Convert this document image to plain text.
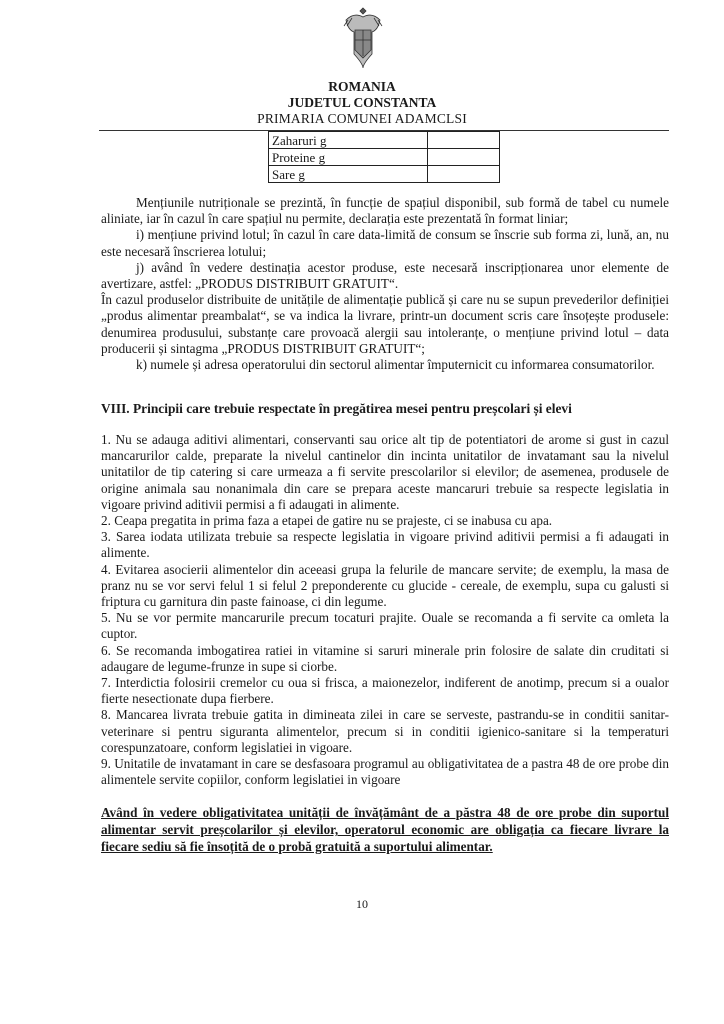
ROMANIA
JUDETUL CONSTANTA
PRIMARIA COMUNEI ADAMCLSI
Zaharuri g	
Proteine g	
Sare g	

Mențiunile nutriționale se prezintă, în funcție de spațiul disponibil, sub formă de tabel cu numele aliniate, iar în cazul în care spațiul nu permite, declarația este prezentată în format liniar;

i) mențiune privind lotul; în cazul în care data-limită de consum se înscrie sub forma zi, lună, an, nu este necesară înscrierea lotului;

j) având în vedere destinația acestor produse, este necesară inscripționarea unor elemente de avertizare, astfel: „PRODUS DISTRIBUIT GRATUIT“.

În cazul produselor distribuite de unitățile de alimentație publică și care nu se supun prevederilor definiției „produs alimentar preambalat“, se va indica la livrare, printr-un document scris care însoțește produsele: denumirea produsului, substanțe care provoacă alergii sau intoleranțe, o mențiune privind lotul – data producerii și sintagma „PRODUS DISTRIBUIT GRATUIT“;

k) numele și adresa operatorului din sectorul alimentar împuternicit cu informarea consumatorilor.

VIII. Principii care trebuie respectate în pregătirea mesei pentru preșcolari și elevi

1. Nu se adauga aditivi alimentari, conservanti sau orice alt tip de potentiatori de arome si gust in cazul mancarurilor calde, preparate la nivelul cantinelor din incinta unitatilor de invatamant sau la nivelul unitatilor de tip catering si care urmeaza a fi servite prescolarilor si elevilor; de asemenea, produsele de origine animala sau nonanimala din care se prepara aceste mancaruri trebuie sa respecte legislatia in vigoare privind aditivii permisi a fi adaugati in alimente.

2. Ceapa pregatita in prima faza a etapei de gatire nu se prajeste, ci se inabusa cu apa.

3. Sarea iodata utilizata trebuie sa respecte legislatia in vigoare privind aditivii permisi a fi adaugati in alimente.

4. Evitarea asocierii alimentelor din aceeasi grupa la felurile de mancare servite; de exemplu, la masa de pranz nu se vor servi felul 1 si felul 2 preponderente cu glucide - cereale, de exemplu, supa cu galusti si friptura cu garnitura din paste fainoase, ci din legume.

5. Nu se vor permite mancarurile precum tocaturi prajite. Ouale se recomanda a fi servite ca omleta la cuptor.

6. Se recomanda imbogatirea ratiei in vitamine si saruri minerale prin folosire de salate din cruditati si adaugare de legume-frunze in supe si ciorbe.

7. Interdictia folosirii cremelor cu oua si frisca, a maionezelor, indiferent de anotimp, precum si a oualor fierte nesectionate dupa fierbere.

8. Mancarea livrata trebuie gatita in dimineata zilei in care se serveste, pastrandu-se in conditii sanitar-veterinare si pentru siguranta alimentelor, precum si in conditii igienico-sanitare si la temperaturi corespunzatoare, conform legislatiei in vigoare.

9. Unitatile de invatamant in care se desfasoara programul au obligativitatea de a pastra 48 de ore probe din alimentele servite copiilor, conform legislatiei in vigoare

Având în vedere obligativitatea unității de învățământ de a păstra 48 de ore probe din suportul alimentar servit preșcolarilor și elevilor, operatorul economic are obligația ca fiecare livrare la fiecare sediu să fie însoțită de o probă gratuită a suportului alimentar.
10
